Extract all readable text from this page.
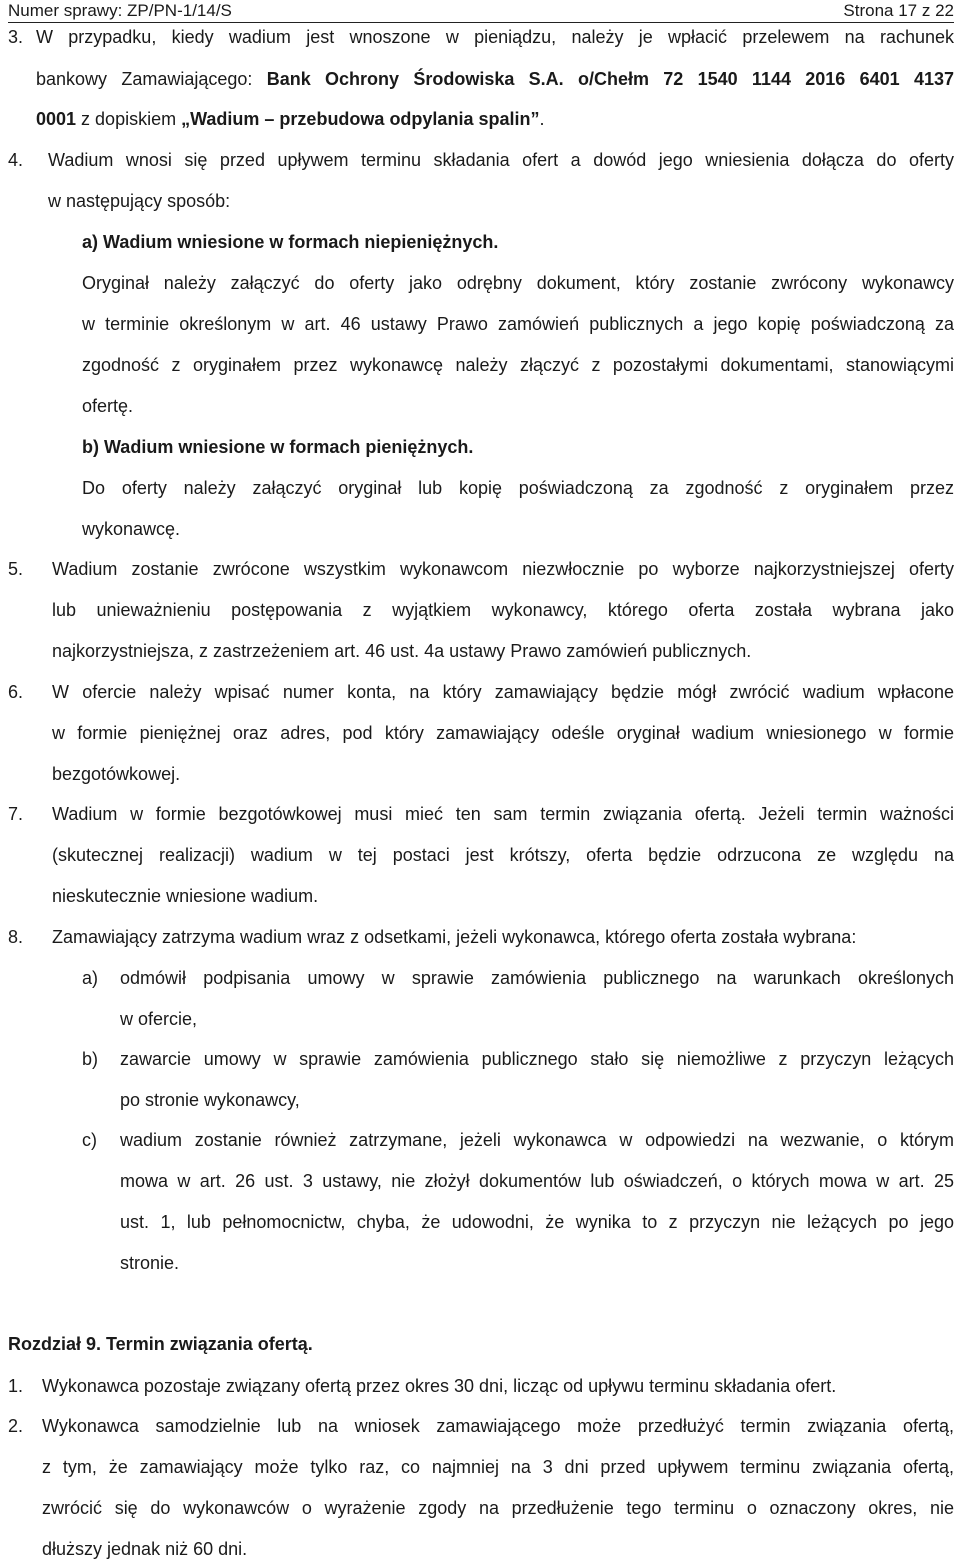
Numer sprawy: ZP/PN-1/14/S	Strona 17 z 22
3. W przypadku, kiedy wadium jest wnoszone w pieniądzu, należy je wpłacić przelewem na rachunek
bankowy Zamawiającego: Bank Ochrony Środowiska S.A. o/Chełm 72 1540 1144 2016 6401 4137
0001 z dopiskiem „Wadium – przebudowa odpylania spalin”.
4. Wadium wnosi się przed upływem terminu składania ofert a dowód jego wniesienia dołącza do oferty
w następujący sposób:
a) Wadium wniesione w formach niepieniężnych.
Oryginał należy załączyć do oferty jako odrębny dokument, który zostanie zwrócony wykonawcy
w terminie określonym w art. 46 ustawy Prawo zamówień publicznych a jego kopię poświadczoną za
zgodność z oryginałem przez wykonawcę należy złączyć z pozostałymi dokumentami, stanowiącymi
ofertę.
b) Wadium wniesione w formach pieniężnych.
Do oferty należy załączyć oryginał lub kopię poświadczoną za zgodność z oryginałem przez
wykonawcę.
5. Wadium zostanie zwrócone wszystkim wykonawcom niezwłocznie po wyborze najkorzystniejszej oferty
lub unieważnieniu postępowania z wyjątkiem wykonawcy, którego oferta została wybrana jako
najkorzystniejsza, z zastrzeżeniem art. 46 ust. 4a ustawy Prawo zamówień publicznych.
6. W ofercie należy wpisać numer konta, na który zamawiający będzie mógł zwrócić wadium wpłacone
w formie pieniężnej oraz adres, pod który zamawiający odeśle oryginał wadium wniesionego w formie
bezgotówkowej.
7. Wadium w formie bezgotówkowej musi mieć ten sam termin związania ofertą. Jeżeli termin ważności
(skutecznej realizacji) wadium w tej postaci jest krótszy, oferta będzie odrzucona ze względu na
nieskutecznie wniesione wadium.
8. Zamawiający zatrzyma wadium wraz z odsetkami, jeżeli wykonawca, którego oferta została wybrana:
a) odmówił podpisania umowy w sprawie zamówienia publicznego na warunkach określonych
w ofercie,
b) zawarcie umowy w sprawie zamówienia publicznego stało się niemożliwe z przyczyn leżących
po stronie wykonawcy,
c) wadium zostanie również zatrzymane, jeżeli wykonawca w odpowiedzi na wezwanie, o którym
mowa w art. 26 ust. 3 ustawy, nie złożył dokumentów lub oświadczeń, o których mowa w art. 25
ust. 1, lub pełnomocnictw, chyba, że udowodni, że wynika to z przyczyn nie leżących po jego
stronie.
Rozdział 9. Termin związania ofertą.
1. Wykonawca pozostaje związany ofertą przez okres 30 dni, licząc od upływu terminu składania ofert.
2. Wykonawca samodzielnie lub na wniosek zamawiającego może przedłużyć termin związania ofertą,
z tym, że zamawiający może tylko raz, co najmniej na 3 dni przed upływem terminu związania ofertą,
zwrócić się do wykonawców o wyrażenie zgody na przedłużenie tego terminu o oznaczony okres, nie
dłuższy jednak niż 60 dni.
